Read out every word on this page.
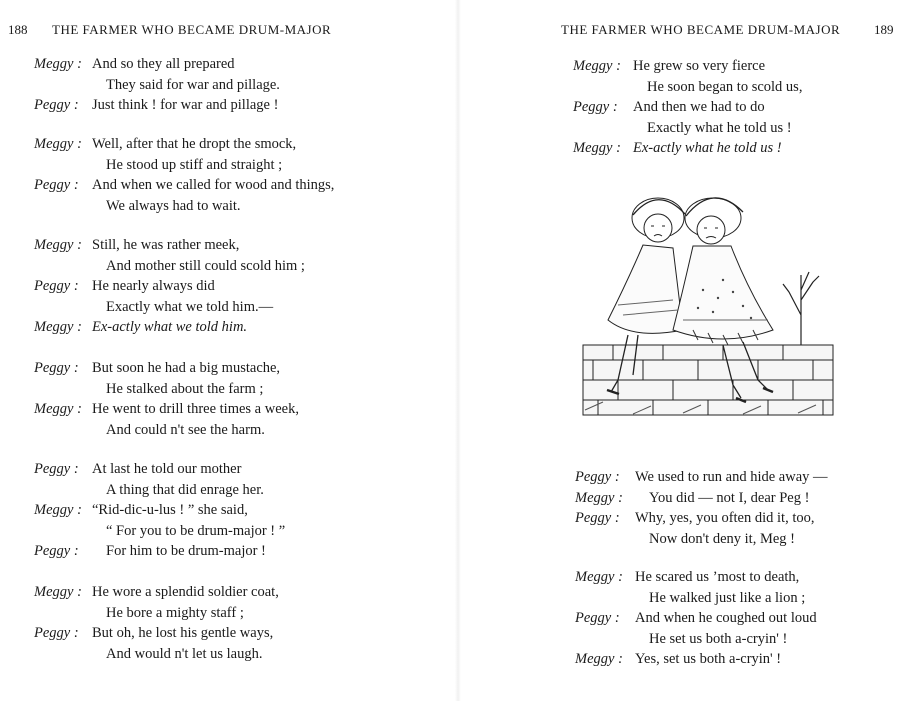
188 THE FARMER WHO BECAME DRUM-MAJOR
Meggy : And so they all prepared
They said for war and pillage.
Peggy : Just think ! for war and pillage !
Meggy : Well, after that he dropt the smock,
He stood up stiff and straight ;
Peggy : And when we called for wood and things,
We always had to wait.
Meggy : Still, he was rather meek,
And mother still could scold him ;
Peggy : He nearly always did
Exactly what we told him.—
Meggy : Ex-actly what we told him.
Peggy : But soon he had a big mustache,
He stalked about the farm ;
Meggy : He went to drill three times a week,
And could n't see the harm.
Peggy : At last he told our mother
A thing that did enrage her.
Meggy : “Rid-dic-u-lus ! ” she said,
“ For you to be drum-major ! ”
Peggy :	For him to be drum-major !
Meggy : He wore a splendid soldier coat,
He bore a mighty staff ;
Peggy : But oh, he lost his gentle ways,
And would n't let us laugh.
THE FARMER WHO BECAME DRUM-MAJOR	189
Meggy : He grew so very fierce
He soon began to scold us,
Peggy :	And then we had to do
Exactly what he told us !
Meggy : Ex-actly what he told us !
Peggy :	We used to run and hide away —
Meggy :	You did — not I, dear Peg !
Peggy :	Why, yes, you often did it, too,
Now don't deny it, Meg !
Meggy : He scared us ’most to death,
He walked just like a lion ;
Peggy :	And when he coughed out loud
He set us both a-cryin' !
Meggy : Yes, set us both a-cryin' !
